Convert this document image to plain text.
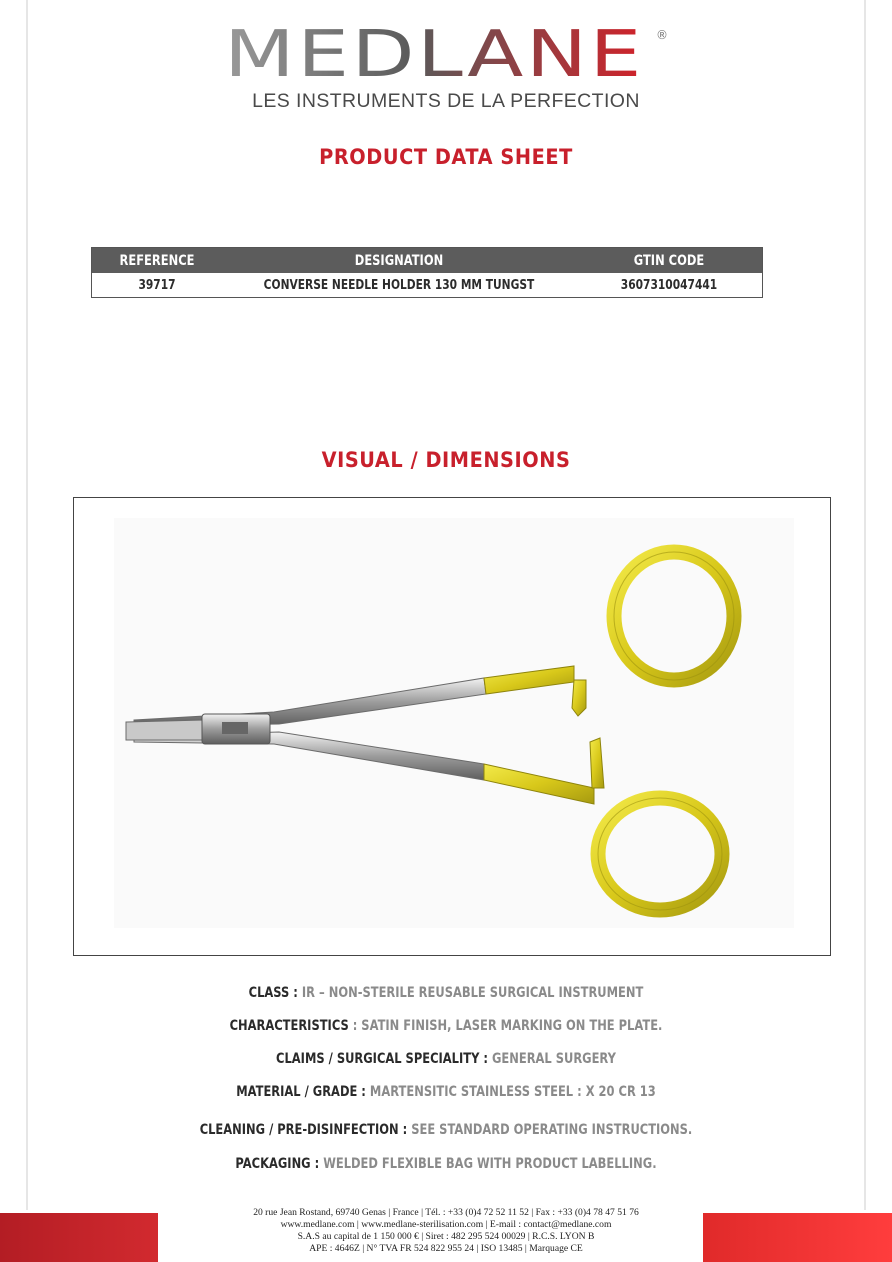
MEDLANE ®
LES INSTRUMENTS DE LA PERFECTION
PRODUCT DATA SHEET
REFERENCE	DESIGNATION	GTIN CODE
39717	CONVERSE NEEDLE HOLDER 130 MM TUNGST	3607310047441
VISUAL / DIMENSIONS
CLASS : IR – NON-STERILE REUSABLE SURGICAL INSTRUMENT
CHARACTERISTICS : SATIN FINISH, LASER MARKING ON THE PLATE.
CLAIMS / SURGICAL SPECIALITY : GENERAL SURGERY
MATERIAL / GRADE : MARTENSITIC STAINLESS STEEL : X 20 CR 13
CLEANING / PRE-DISINFECTION : SEE STANDARD OPERATING INSTRUCTIONS.
PACKAGING : WELDED FLEXIBLE BAG WITH PRODUCT LABELLING.
20 rue Jean Rostand, 69740 Genas | France | Tél. : +33 (0)4 72 52 11 52 | Fax : +33 (0)4 78 47 51 76
www.medlane.com | www.medlane-sterilisation.com | E-mail : contact@medlane.com
S.A.S au capital de 1 150 000 € | Siret : 482 295 524 00029 | R.C.S. LYON B
APE : 4646Z | N° TVA FR 524 822 955 24 | ISO 13485 | Marquage CE
